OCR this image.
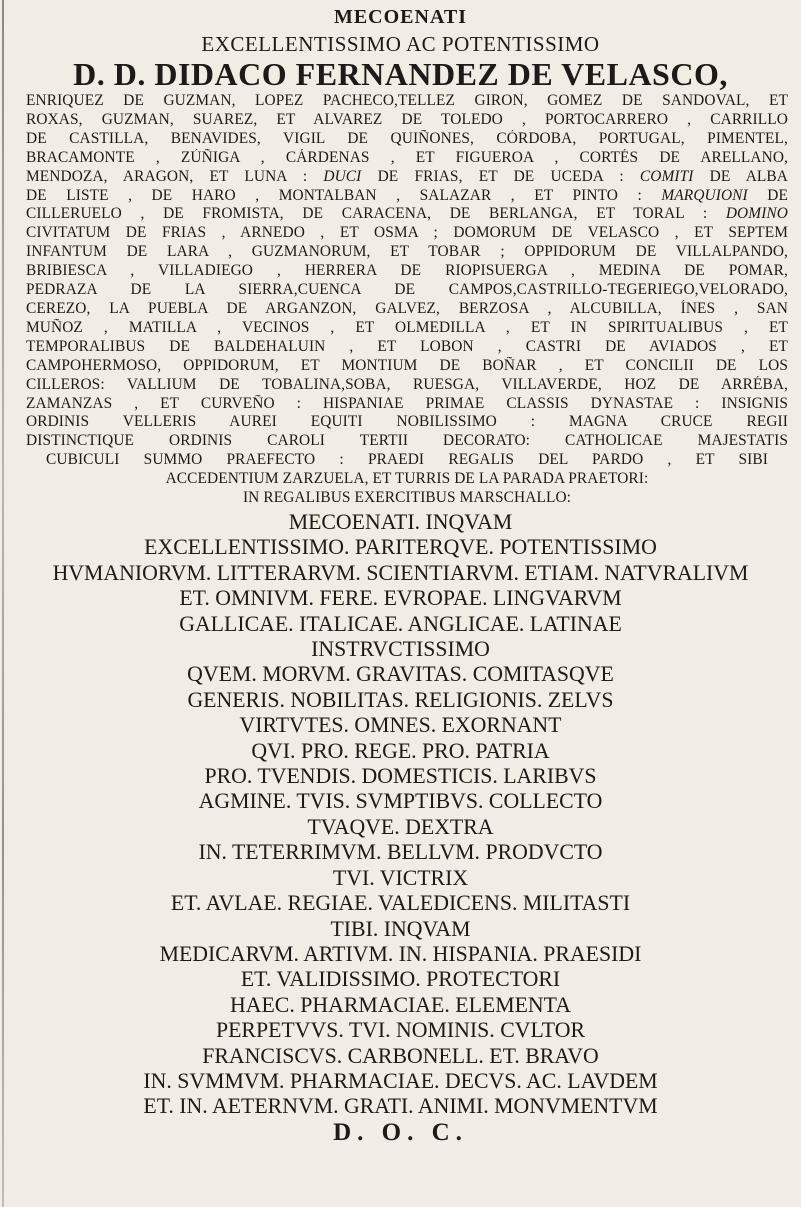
MECOENATI
EXCELLENTISSIMO AC POTENTISSIMO
D. D. DIDACO FERNANDEZ DE VELASCO,
ENRIQUEZ DE GUZMAN, LOPEZ PACHECO,TELLEZ GIRON, GOMEZ DE SANDOVAL, ET
ROXAS, GUZMAN, SUAREZ, ET ALVAREZ DE TOLEDO , PORTOCARRERO , CARRILLO
DE CASTILLA, BENAVIDES, VIGIL DE QUIÑONES, CÓRDOBA, PORTUGAL, PIMENTEL,
BRACAMONTE , ZÚÑIGA , CÁRDENAS , ET FIGUEROA , CORTÉS DE ARELLANO,
MENDOZA, ARAGON, ET LUNA : DUCI DE FRIAS, ET DE UCEDA : COMITI DE ALBA
DE LISTE , DE HARO , MONTALBAN , SALAZAR , ET PINTO : MARQUIONI DE
CILLERUELO , DE FROMISTA, DE CARACENA, DE BERLANGA, ET TORAL : DOMINO
CIVITATUM DE FRIAS , ARNEDO , ET OSMA ; DOMORUM DE VELASCO , ET SEPTEM
INFANTUM DE LARA , GUZMANORUM, ET TOBAR ; OPPIDORUM DE VILLALPANDO,
BRIBIESCA , VILLADIEGO , HERRERA DE RIOPISUERGA , MEDINA DE POMAR,
PEDRAZA DE LA SIERRA,CUENCA DE CAMPOS,CASTRILLO-TEGERIEGO,VELORADO,
CEREZO, LA PUEBLA DE ARGANZON, GALVEZ, BERZOSA , ALCUBILLA, ÍNES , SAN
MUÑOZ , MATILLA , VECINOS , ET OLMEDILLA , ET IN SPIRITUALIBUS , ET
TEMPORALIBUS DE BALDEHALUIN , ET LOBON , CASTRI DE AVIADOS , ET
CAMPOHERMOSO, OPPIDORUM, ET MONTIUM DE BOÑAR , ET CONCILII DE LOS
CILLEROS: VALLIUM DE TOBALINA,SOBA, RUESGA, VILLAVERDE, HOZ DE ARRÉBA,
ZAMANZAS , ET CURVEÑO : HISPANIAE PRIMAE CLASSIS DYNASTAE : INSIGNIS
ORDINIS VELLERIS AUREI EQUITI NOBILISSIMO : MAGNA CRUCE REGII
DISTINCTIQUE ORDINIS CAROLI TERTII DECORATO: CATHOLICAE MAJESTATIS
CUBICULI SUMMO PRAEFECTO : PRAEDI REGALIS DEL PARDO , ET SIBI
ACCEDENTIUM ZARZUELA, ET TURRIS DE LA PARADA PRAETORI:
IN REGALIBUS EXERCITIBUS MARSCHALLO:
MECOENATI. INQVAM
EXCELLENTISSIMO. PARITERQVE. POTENTISSIMO
HVMANIORVM. LITTERARVM. SCIENTIARVM. ETIAM. NATVRALIVM
ET. OMNIVM. FERE. EVROPAE. LINGVARVM
GALLICAE. ITALICAE. ANGLICAE. LATINAE
INSTRVCTISSIMO
QVEM. MORVM. GRAVITAS. COMITASQVE
GENERIS. NOBILITAS. RELIGIONIS. ZELVS
VIRTVTES. OMNES. EXORNANT
QVI. PRO. REGE. PRO. PATRIA
PRO. TVENDIS. DOMESTICIS. LARIBVS
AGMINE. TVIS. SVMPTIBVS. COLLECTO
TVAQVE. DEXTRA
IN. TETERRIMVM. BELLVM. PRODVCTO
TVI. VICTRIX
ET. AVLAE. REGIAE. VALEDICENS. MILITASTI
TIBI. INQVAM
MEDICARVM. ARTIVM. IN. HISPANIA. PRAESIDI
ET. VALIDISSIMO. PROTECTORI
HAEC. PHARMACIAE. ELEMENTA
PERPETVVS. TVI. NOMINIS. CVLTOR
FRANCISCVS. CARBONELL. ET. BRAVO
IN. SVMMVM. PHARMACIAE. DECVS. AC. LAVDEM
ET. IN. AETERNVM. GRATI. ANIMI. MONVMENTVM
D. O. C.
